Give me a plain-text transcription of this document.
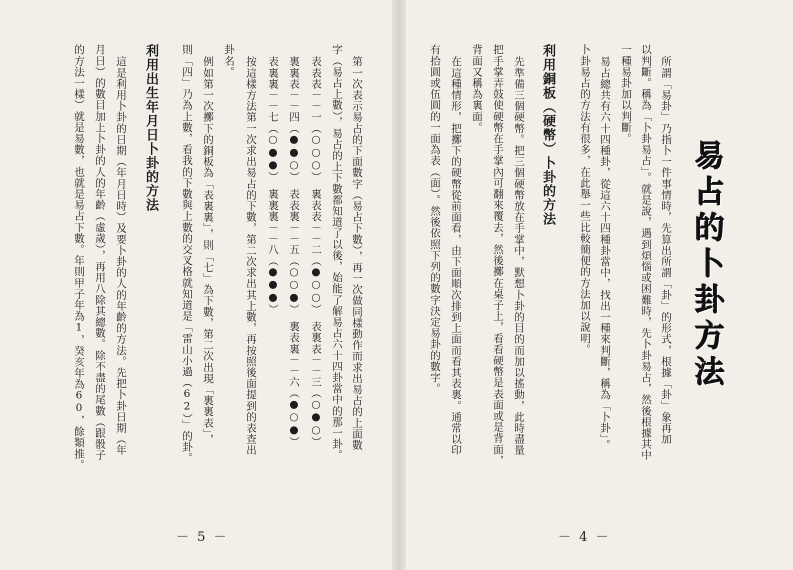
第一次表示易占的下面數字（易占下數），再一次做同樣動作而求出易占的上面數
字（易占上數），易占的上下數都知道了以後，始能了解易占六十四卦當中的那一卦。
表表表－－一（○○○）　裏表表－－二（●○○）　表裏表－－三（○●○）
裏裏表－－四（●●○）　表表裏－－五（○○●）　裏表裏－－六（●○●）
表裏裏－－七（○●●）　裏裏裏－－八（●●●）
按這樣方法第一次求出易占的下數，第二次求出其上數，再按照後面提到的表查出
卦名。
例如第一次擲下的銅板為「表裏裏」，則「七」為下數，第二次出現「裏裏表」，
則「四」乃為上數，看我的下數與上數的交叉格就知道是「雷山小過（62）」的卦。
利用出生年月日卜卦的方法
這是利用卜卦的日期（年月日時）及要卜卦的人的年齡的方法。先把卜卦日期（年
月日）的數目加上卜卦的人的年齡（虛歲），再用八除其總數。除不盡的尾數（跟骰子
的方法一樣）就是易數，也就是易占下數。年則甲子年為1，癸亥年為60，餘類推。
－ 5 －
易占的卜卦方法
所謂「易卦」乃指卜一件事情時，先算出所謂「卦」的形式，根據「卦」象再加
以判斷。稱為「卜卦易占」。就是說，遇到煩惱或困難時，先卜卦易占，然後根據其中
一種易卦加以判斷。
易占總共有六十四種卦，從這六十四種卦當中，找出一種來判斷，稱為「卜卦」。
卜卦易占的方法有很多，在此舉一些比較簡便的方法加以說明。
利用銅板（硬幣）卜卦的方法
先準備三個硬幣。把三個硬幣放在手掌中，默想卜卦的目的而加以搖動，此時盡量
把手掌弄鼓使硬幣在手掌內可翻來覆去，然後擲在桌子上，看看硬幣是表面或是背面，
背面又稱為裏面。
在這種情形，把擲下的硬幣從前面看，由下面順次排到上面而看其表裏。通常以印
有拾圓或伍圓的一面為表（面）。然後依照下列的數字決定易卦的數字。
－ 4 －
